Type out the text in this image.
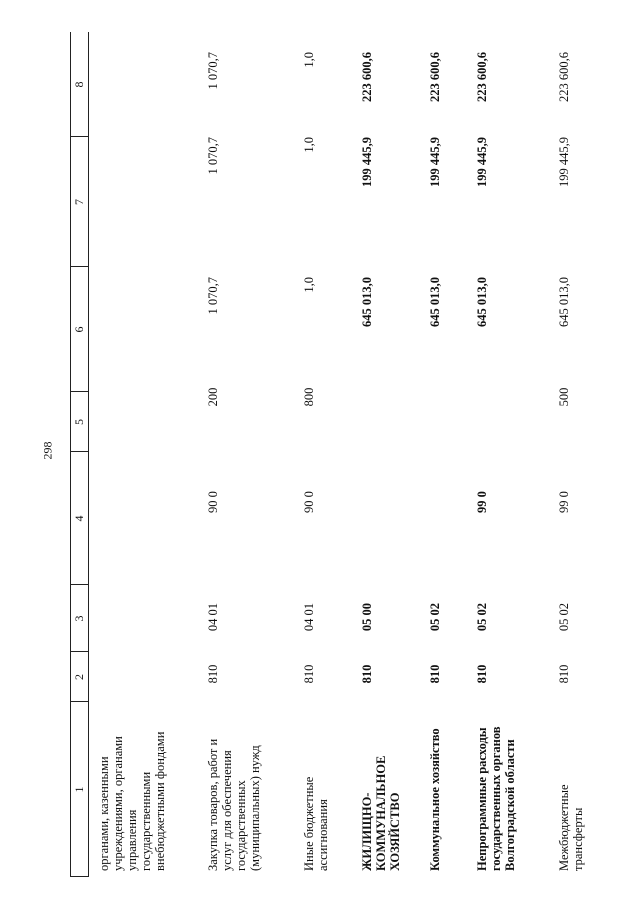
298
1
2
3
4
5
6
7
8
органами, казенными учреждениями, органами управления государственными внебюджетными фондами	Закупка товаров, работ и услуг для обеспечения государственных (муниципальных) нужд
810
04 01
90 0
200
1 070,7
1 070,7
1 070,7
Иные бюджетные ассигнования
810
04 01
90 0
800
1,0
1,0
1,0
ЖИЛИЩНО-КОММУНАЛЬНОЕ ХОЗЯЙСТВО
810
05 00
645 013,0
199 445,9
223 600,6
Коммунальное хозяйство
810
05 02
645 013,0
199 445,9
223 600,6
Непрограммные расходы государственных органов Волгоградской области
810
05 02
99 0
645 013,0
199 445,9
223 600,6
Межбюджетные трансферты
810
05 02
99 0
500
645 013,0
199 445,9
223 600,6
